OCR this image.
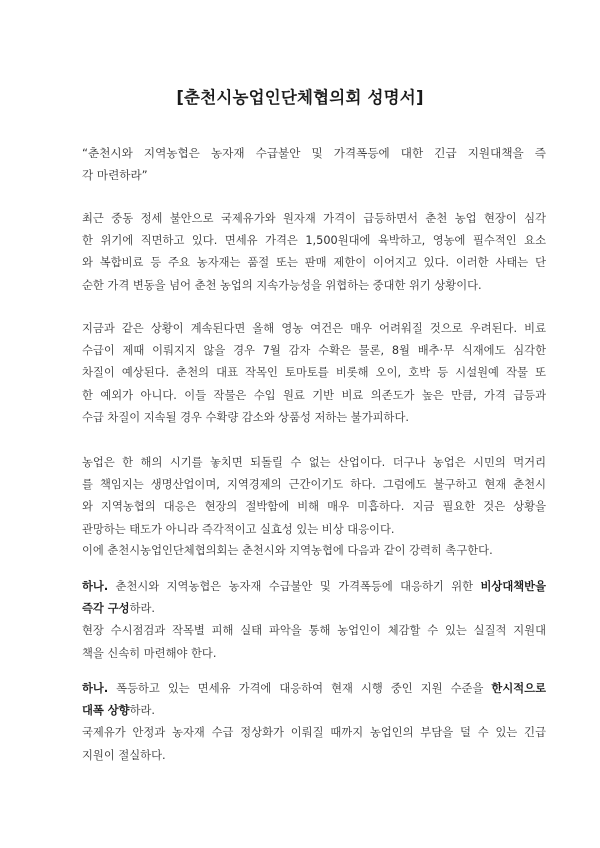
[춘천시농업인단체협의회 성명서]
“춘천시와 지역농협은 농자재 수급불안 및 가격폭등에 대한 긴급 지원대책을 즉
각 마련하라”
최근 중동 정세 불안으로 국제유가와 원자재 가격이 급등하면서 춘천 농업 현장이 심각
한 위기에 직면하고 있다. 면세유 가격은 1,500원대에 육박하고, 영농에 필수적인 요소
와 복합비료 등 주요 농자재는 품절 또는 판매 제한이 이어지고 있다. 이러한 사태는 단
순한 가격 변동을 넘어 춘천 농업의 지속가능성을 위협하는 중대한 위기 상황이다.
지금과 같은 상황이 계속된다면 올해 영농 여건은 매우 어려워질 것으로 우려된다. 비료
수급이 제때 이뤄지지 않을 경우 7월 감자 수확은 물론, 8월 배추·무 식재에도 심각한
차질이 예상된다. 춘천의 대표 작목인 토마토를 비롯해 오이, 호박 등 시설원예 작물 또
한 예외가 아니다. 이들 작물은 수입 원료 기반 비료 의존도가 높은 만큼, 가격 급등과
수급 차질이 지속될 경우 수확량 감소와 상품성 저하는 불가피하다.
농업은 한 해의 시기를 놓치면 되돌릴 수 없는 산업이다. 더구나 농업은 시민의 먹거리
를 책임지는 생명산업이며, 지역경제의 근간이기도 하다. 그럼에도 불구하고 현재 춘천시
와 지역농협의 대응은 현장의 절박함에 비해 매우 미흡하다. 지금 필요한 것은 상황을
관망하는 태도가 아니라 즉각적이고 실효성 있는 비상 대응이다.
이에 춘천시농업인단체협의회는 춘천시와 지역농협에 다음과 같이 강력히 촉구한다.
하나. 춘천시와 지역농협은 농자재 수급불안 및 가격폭등에 대응하기 위한 비상대책반을
즉각 구성하라.
현장 수시점검과 작목별 피해 실태 파악을 통해 농업인이 체감할 수 있는 실질적 지원대
책을 신속히 마련해야 한다.
하나. 폭등하고 있는 면세유 가격에 대응하여 현재 시행 중인 지원 수준을 한시적으로
대폭 상향하라.
국제유가 안정과 농자재 수급 정상화가 이뤄질 때까지 농업인의 부담을 덜 수 있는 긴급
지원이 절실하다.
